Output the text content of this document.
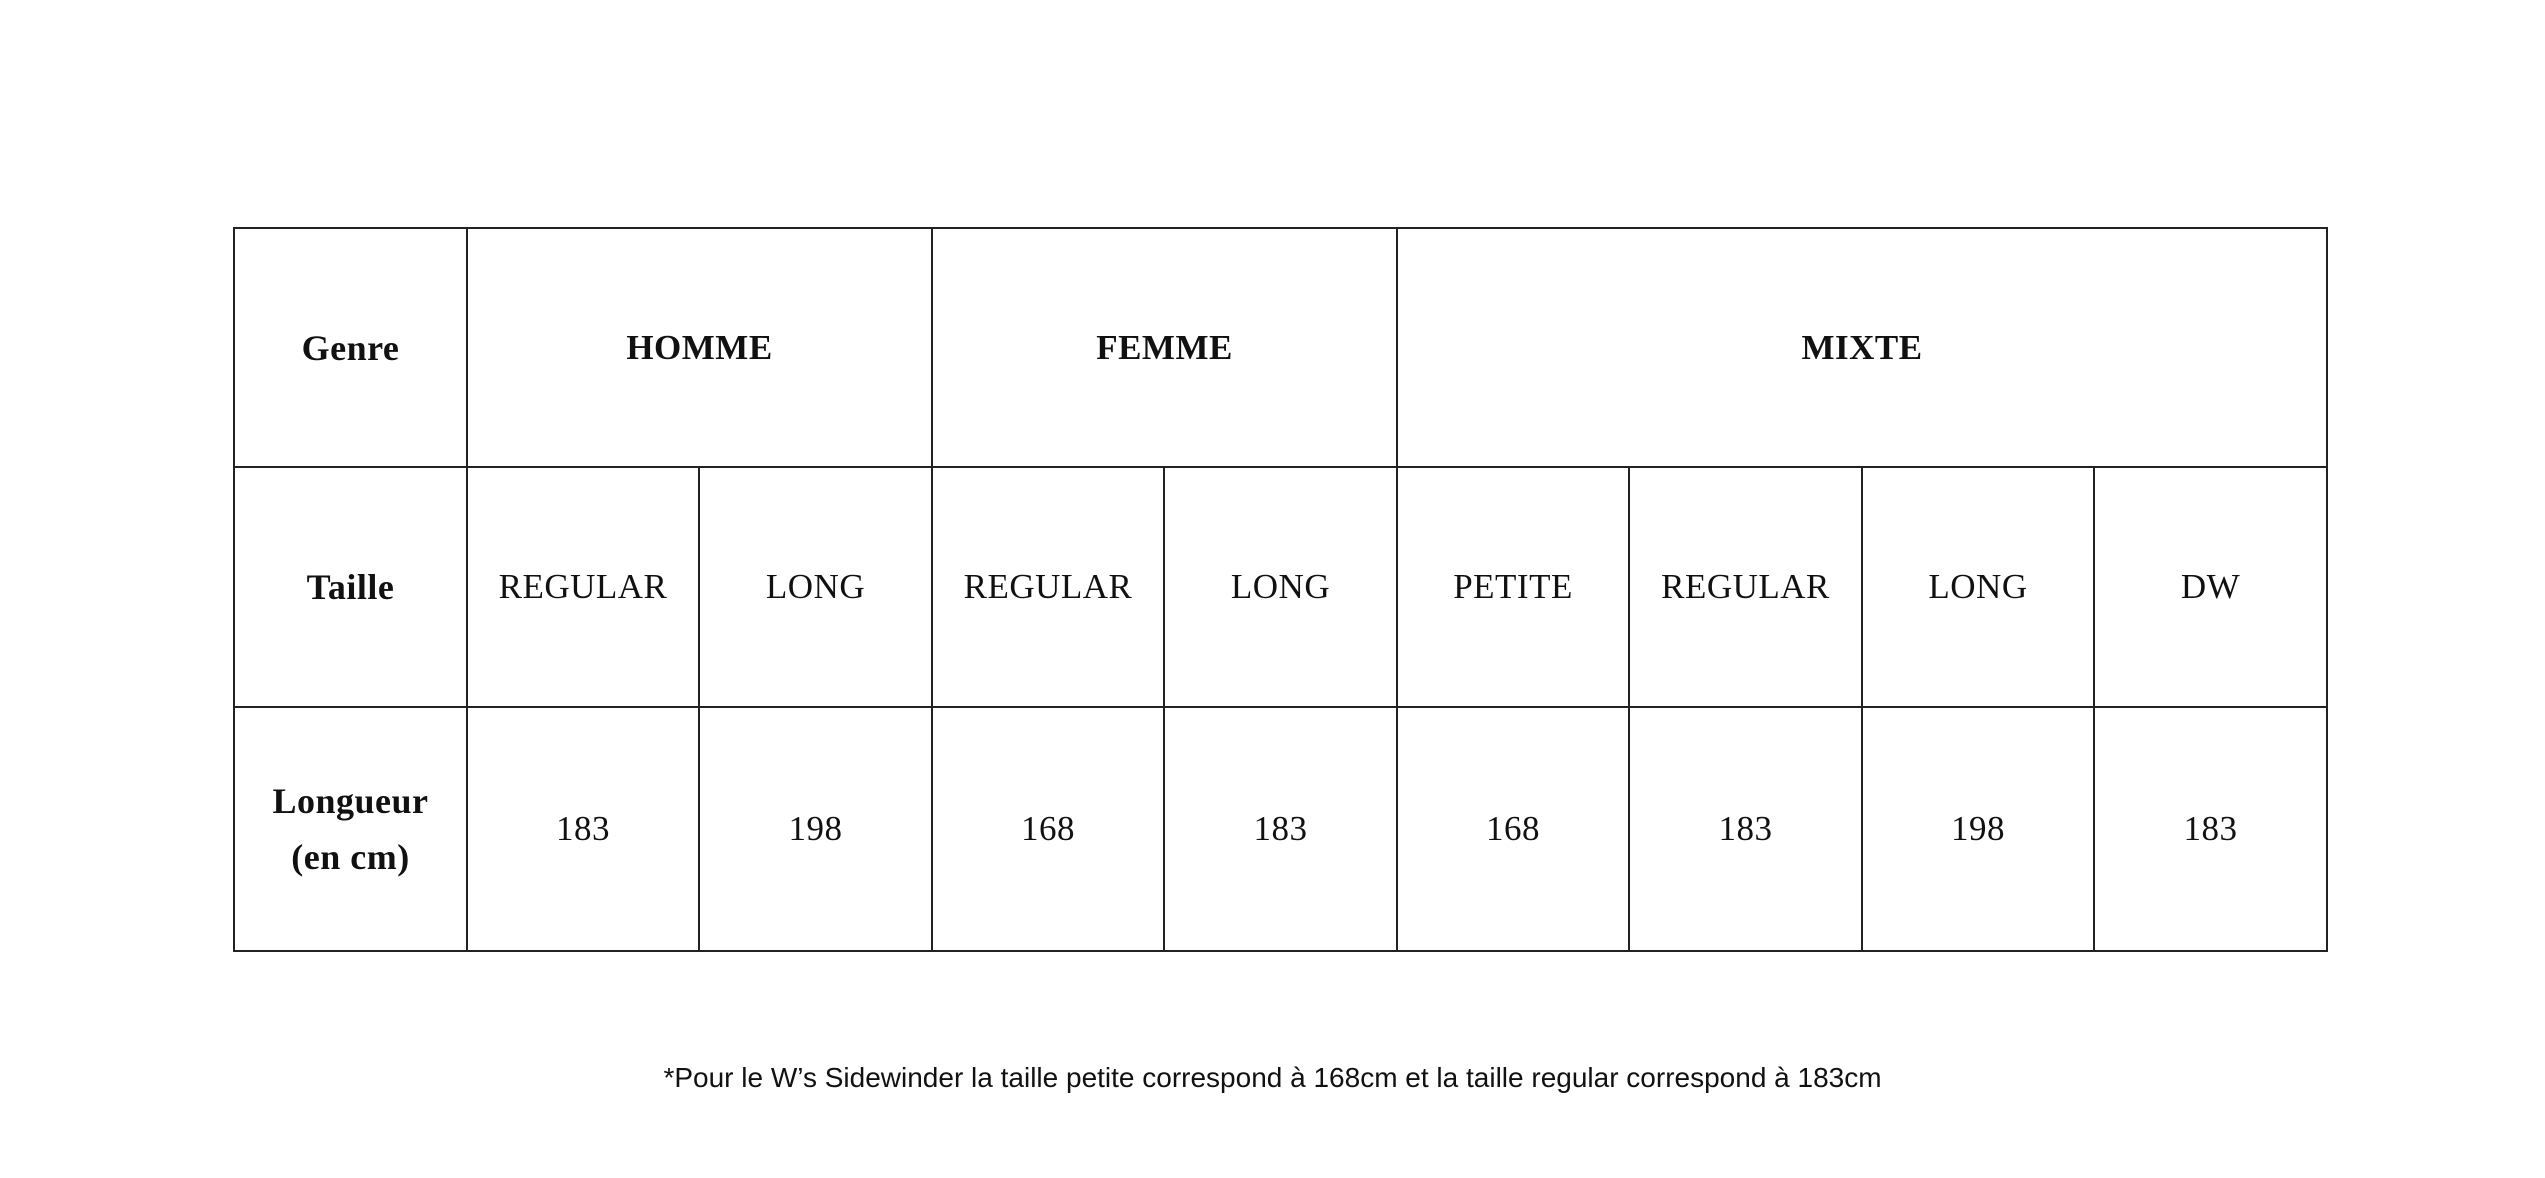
Genre	HOMME		FEMME		MIXTE			
Taille	REGULAR	LONG	REGULAR	LONG	PETITE	REGULAR	LONG	DW
Longueur
(en cm)	183	198	168	183	168	183	198	183
*Pour le W’s Sidewinder la taille petite correspond à 168cm et la taille regular correspond à 183cm
